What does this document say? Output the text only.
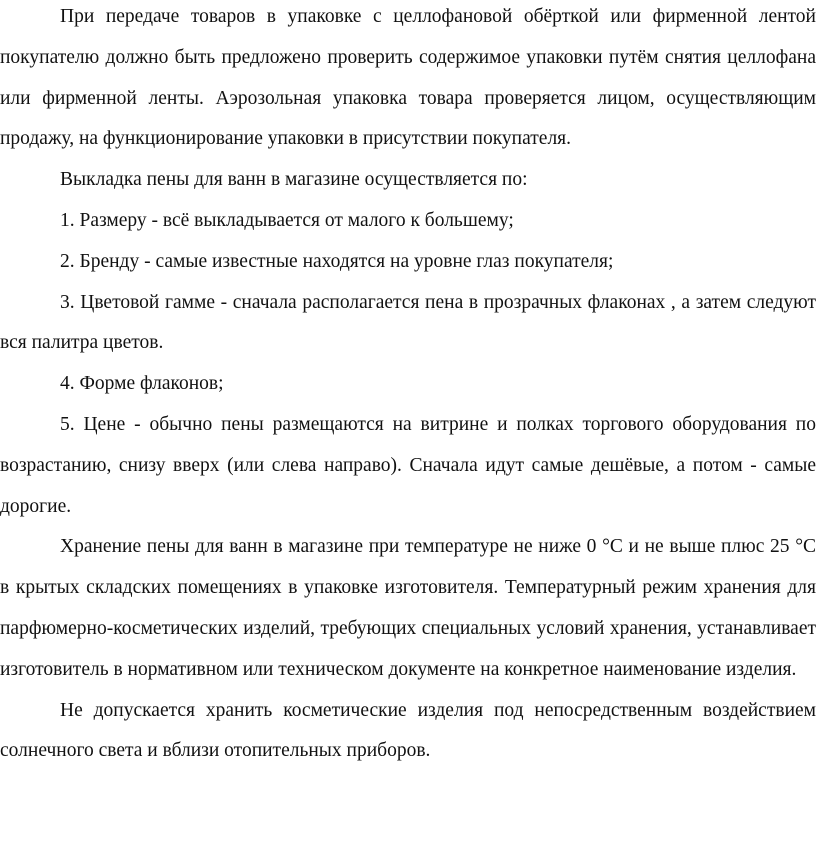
При передаче товаров в упаковке с целлофановой обёрткой или фирменной лентой покупателю должно быть предложено проверить содержимое упаковки путём снятия целлофана или фирменной ленты. Аэрозольная упаковка товара проверяется лицом, осуществляющим продажу, на функционирование упаковки в присутствии покупателя.

Выкладка пены для ванн в магазине осуществляется по:

1. Размеру - всё выкладывается от малого к большему;

2. Бренду - самые известные находятся на уровне глаз покупателя;

3. Цветовой гамме - сначала располагается пена в прозрачных флаконах , а затем следуют вся палитра цветов.

4. Форме флаконов;

5. Цене - обычно пены размещаются на витрине и полках торгового оборудования по возрастанию, снизу вверх (или слева направо). Сначала идут самые дешёвые, а потом - самые дорогие.

Хранение пены для ванн в магазине при температуре не ниже 0 °С и не выше плюс 25 °С в крытых складских помещениях в упаковке изготовителя. Температурный режим хранения для парфюмерно-косметических изделий, требующих специальных условий хранения, устанавливает изготовитель в нормативном или техническом документе на конкретное наименование изделия.

Не допускается хранить косметические изделия под непосредственным воздействием солнечного света и вблизи отопительных приборов.
